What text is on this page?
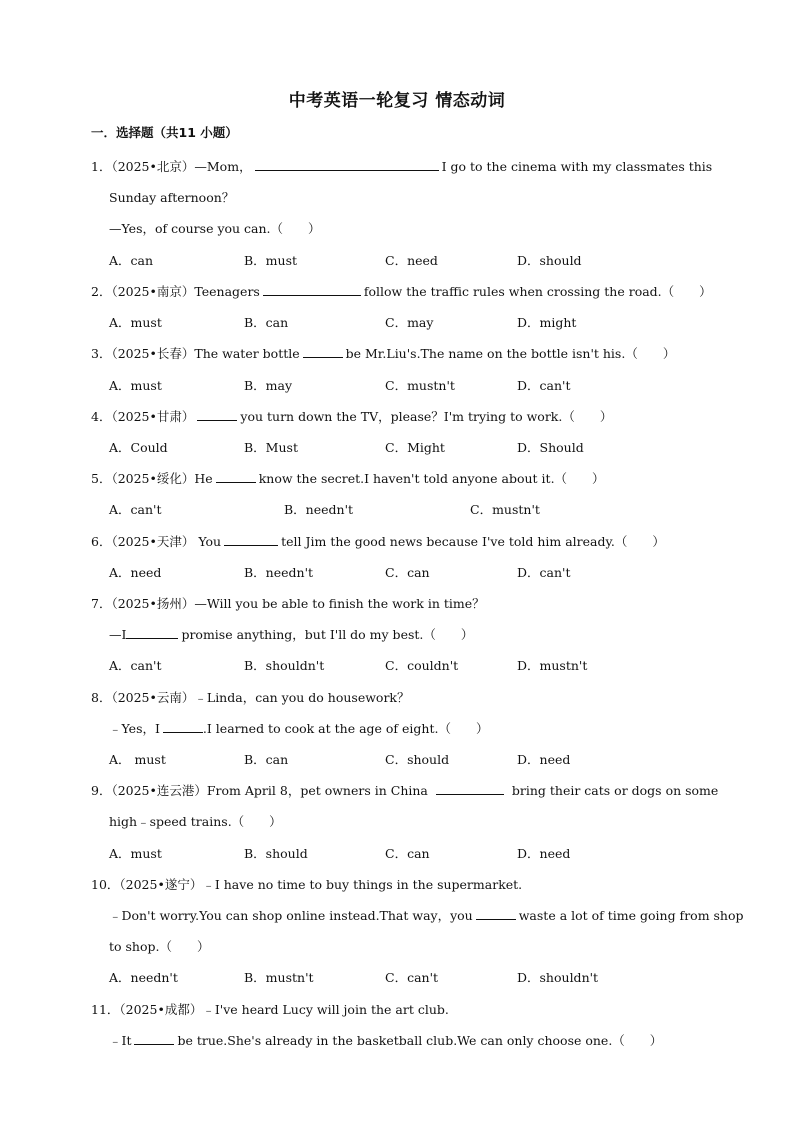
中考英语一轮复习 情态动词
一．选择题（共11 小题）
1．（2025•北京）—Mom，	I go to the cinema with my classmates this
Sunday afternoon？
—Yes，of course you can.（　　）
A．can	B．must	C．need	D．should
2．（2025•南京）Teenagers	follow the traffic rules when crossing the road.（　　）
A．must	B．can	C．may	D．might
3．（2025•长春）The water bottle	be Mr.Liu's.The name on the bottle isn't his.（　　）
A．must	B．may	C．mustn't	D．can't
4．（2025•甘肃）	you turn down the TV，please？I'm trying to work.（　　）
A．Could	B．Must	C．Might	D．Should
5．（2025•绥化）He	know the secret.I haven't told anyone about it.（　　）
A．can't	B．needn't	C．mustn't
6．（2025•天津） You	tell Jim the good news because I've told him already.（　　）
A．need	B．needn't	C．can	D．can't
7．（2025•扬州）—Will you be able to finish the work in time？
—I	promise anything，but I'll do my best.（　　）
A．can't	B．shouldn't	C．couldn't	D．mustn't
8．（2025•云南）﹣Linda，can you do housework？
﹣Yes，I	.I learned to cook at the age of eight.（　　）
A． must	B．can	C．should	D．need
9．（2025•连云港）From April 8，pet owners in China	bring their cats or dogs on some
high﹣speed trains.（　　）
A．must	B．should	C．can	D．need
10．（2025•遂宁）﹣I have no time to buy things in the supermarket.
﹣Don't worry.You can shop online instead.That way，you	waste a lot of time going from shop
to shop.（　　）
A．needn't	B．mustn't	C．can't	D．shouldn't
11．（2025•成都）﹣I've heard Lucy will join the art club.
﹣It	be true.She's already in the basketball club.We can only choose one.（　　）
